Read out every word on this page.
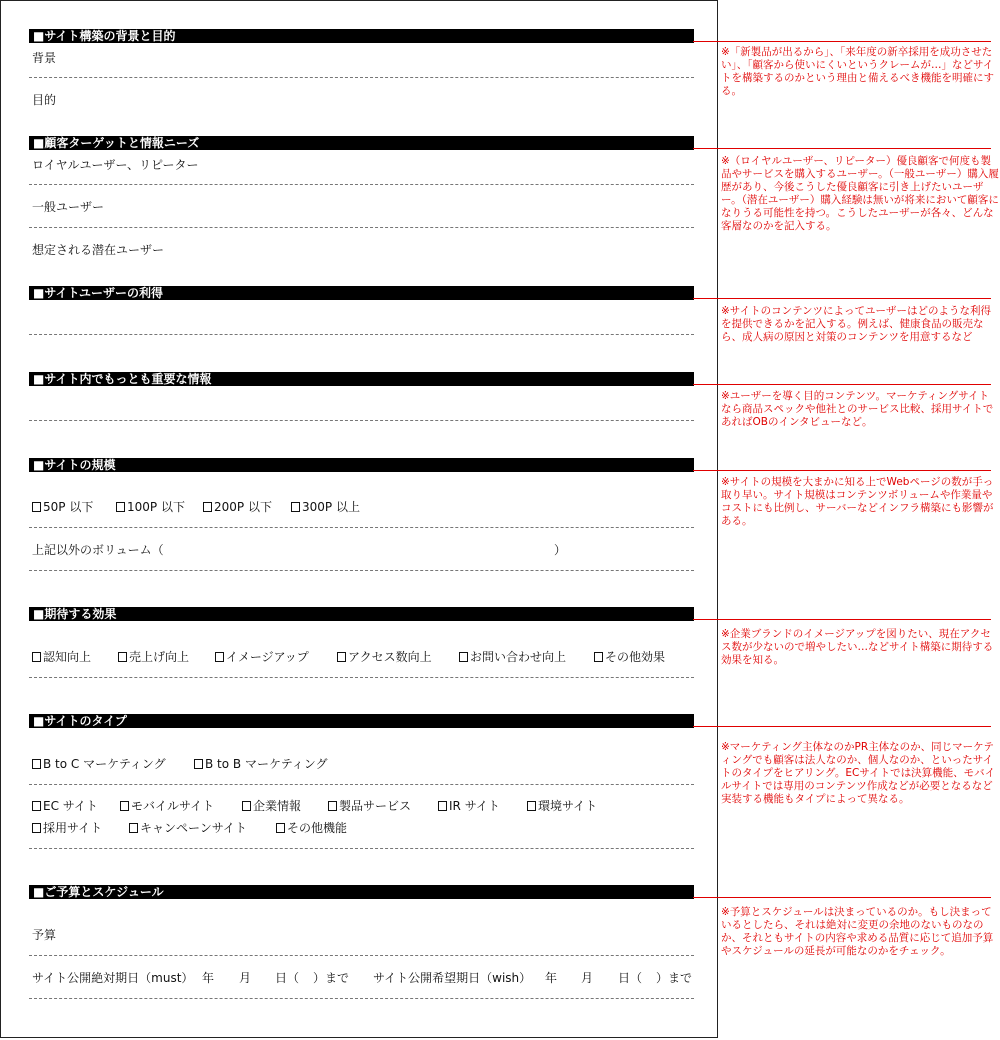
■サイト構築の背景と目的
背景
目的
■顧客ターゲットと情報ニーズ
ロイヤルユーザー、リピーター
一般ユーザー
想定される潜在ユーザー
■サイトユーザーの利得
■サイト内でもっとも重要な情報
■サイトの規模
50P 以下	100P 以下	200P 以下	300P 以上
上記以外のボリューム（	）
■期待する効果
認知向上	売上げ向上	イメージアップ	アクセス数向上	お問い合わせ向上	その他効果
■サイトのタイプ
B to C マーケティング	B to B マーケティング
EC サイト	モバイルサイト	企業情報	製品サービス	IR サイト	環境サイト
採用サイト	キャンペーンサイト	その他機能
■ご予算とスケジュール
予算
サイト公開絶対期日（must） 年 月 日（ ）まで サイト公開希望期日（wish） 年 月 日（ ）まで
※「新製品が出るから」、「来年度の新卒採用を成功させたい」、「顧客から使いにくいというクレームが…」などサイトを構築するのかという理由と備えるべき機能を明確にする。
※（ロイヤルユーザー、リピーター）優良顧客で何度も製品やサービスを購入するユーザー。（一般ユーザー）購入履歴があり、今後こうした優良顧客に引き上げたいユーザー。（潜在ユーザー）購入経験は無いが将来において顧客になりうる可能性を持つ。こうしたユーザーが各々、どんな客層なのかを記入する。
※サイトのコンテンツによってユーザーはどのような利得を提供できるかを記入する。例えば、健康食品の販売なら、成人病の原因と対策のコンテンツを用意するなど
※ユーザーを導く目的コンテンツ。マーケティングサイトなら商品スペックや他社とのサービス比較、採用サイトであればOBのインタビューなど。
※サイトの規模を大まかに知る上でWebページの数が手っ取り早い。サイト規模はコンテンツボリュームや作業量やコストにも比例し、サーバーなどインフラ構築にも影響がある。
※企業ブランドのイメージアップを図りたい、現在アクセス数が少ないので増やしたい…などサイト構築に期待する効果を知る。
※マーケティング主体なのかPR主体なのか、同じマーケティングでも顧客は法人なのか、個人なのか、といったサイトのタイプをヒアリング。ECサイトでは決算機能、モバイルサイトでは専用のコンテンツ作成などが必要となるなど実装する機能もタイプによって異なる。
※予算とスケジュールは決まっているのか。もし決まっているとしたら、それは絶対に変更の余地のないものなのか、それともサイトの内容や求める品質に応じて追加予算やスケジュールの延長が可能なのかをチェック。
